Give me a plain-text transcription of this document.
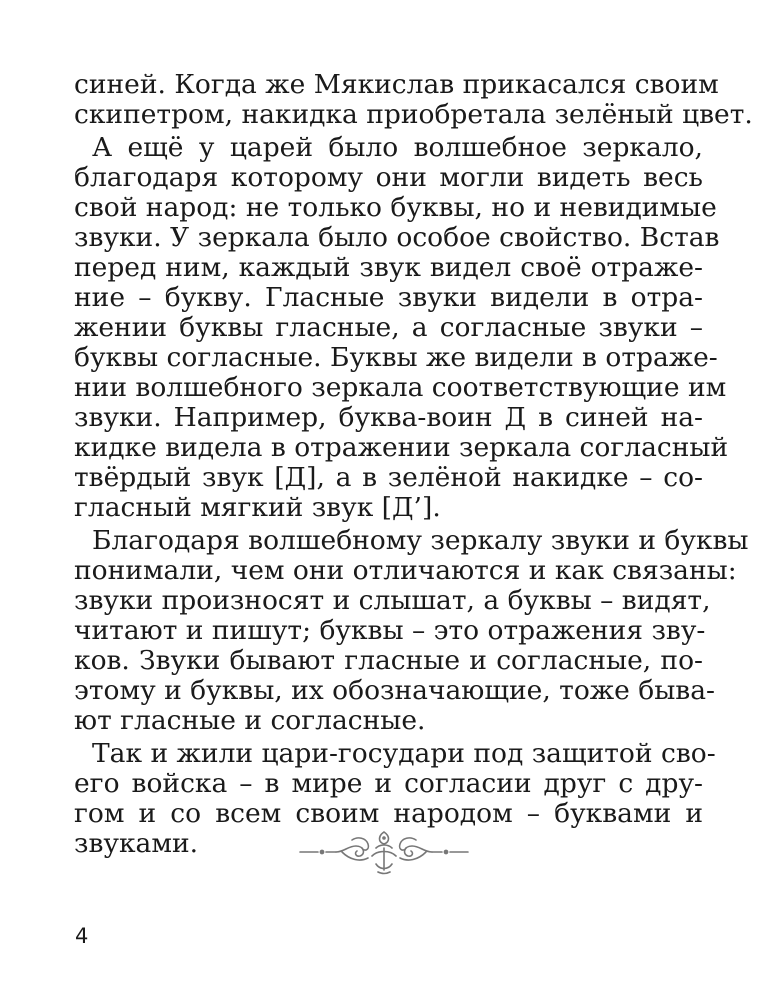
синей. Когда же Мякислав прикасался своим
скипетром, накидка приобретала зелёный цвет.
А ещё у царей было волшебное зеркало,
благодаря которому они могли видеть весь
свой народ: не только буквы, но и невидимые
звуки. У зеркала было особое свойство. Встав
перед ним, каждый звук видел своё отраже-
ние – букву. Гласные звуки видели в отра-
жении буквы гласные, а согласные звуки –
буквы согласные. Буквы же видели в отраже-
нии волшебного зеркала соответствующие им
звуки. Например, буква-воин Д в синей на-
кидке видела в отражении зеркала согласный
твёрдый звук [Д], а в зелёной накидке – со-
гласный мягкий звук [Д’].
Благодаря волшебному зеркалу звуки и буквы
понимали, чем они отличаются и как связаны:
звуки произносят и слышат, а буквы – видят,
читают и пишут; буквы – это отражения зву-
ков. Звуки бывают гласные и согласные, по-
этому и буквы, их обозначающие, тоже быва-
ют гласные и согласные.
Так и жили цари-государи под защитой сво-
его войска – в мире и согласии друг с дру-
гом и со всем своим народом – буквами и
звуками.
4
